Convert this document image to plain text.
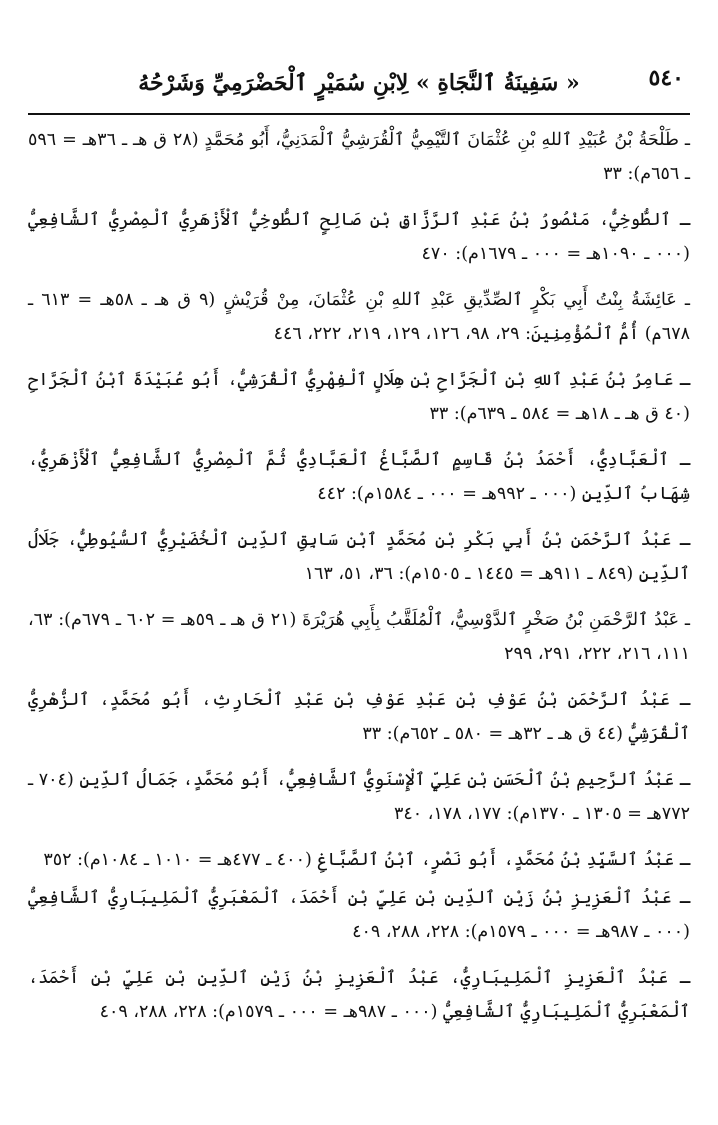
٥٤٠
« سَفِينَةُ ٱلنَّجَاةِ » لِابْنِ سُمَيْرٍ ٱلْحَضْرَمِيِّ وَشَرْحُهُ

ـ طَلْحَةُ بْنُ عُبَيْدِ ٱللهِ بْنِ عُثْمَانَ ٱلتَّيْمِيُّ ٱلْقُرَشِيُّ ٱلْمَدَنِيُّ، أَبُو مُحَمَّدٍ (٢٨ ق هـ ـ ٣٦هـ = ٥٩٦ ـ ٦٥٦م): ٣٣

ـ ٱلطُّوخِيُّ، مَنْصُورُ بْنُ عَبْدِ ٱلرَّزَّاقِ بْنِ صَالِحٍ ٱلطُّوخِيُّ ٱلْأَزْهَرِيُّ ٱلْمِصْرِيُّ ٱلشَّافِعِيُّ (٠٠٠ ـ ١٠٩٠هـ = ٠٠٠ ـ ١٦٧٩م): ٤٧٠

ـ عَائِشَةُ بِنْتُ أَبِي بَكْرٍ ٱلصِّدِّيقِ عَبْدِ ٱللهِ بْنِ عُثْمَانَ، مِنْ قُرَيْشٍ (٩ ق هـ ـ ٥٨هـ = ٦١٣ ـ ٦٧٨م) أُمُّ ٱلْمُؤْمِنِينَ: ٢٩، ٩٨، ١٢٦، ١٢٩، ٢١٩، ٢٢٢، ٤٤٦

ـ عَامِرُ بْنُ عَبْدِ ٱللهِ بْنِ ٱلْجَرَّاحِ بْنِ هِلَالٍ ٱلْفِهْرِيُّ ٱلْقُرَشِيُّ، أَبُو عُبَيْدَةَ ٱبْنُ ٱلْجَرَّاحِ (٤٠ ق هـ ـ ١٨هـ = ٥٨٤ ـ ٦٣٩م): ٣٣

ـ ٱلْعَبَّادِيُّ، أَحْمَدُ بْنُ قَاسِمٍ ٱلصَّبَّاغُ ٱلْعَبَّادِيُّ ثُمَّ ٱلْمِصْرِيُّ ٱلشَّافِعِيُّ ٱلْأَزْهَرِيُّ، شِهَابُ ٱلدِّينِ (٠٠٠ ـ ٩٩٢هـ = ٠٠٠ ـ ١٥٨٤م): ٤٤٢

ـ عَبْدُ ٱلرَّحْمَنِ بْنُ أَبِي بَكْرِ بْنِ مُحَمَّدٍ ٱبْنِ سَابِقِ ٱلدِّينِ ٱلْخُضَيْرِيُّ ٱلسُّيُوطِيُّ، جَلَالُ ٱلدِّينِ (٨٤٩ ـ ٩١١هـ = ١٤٤٥ ـ ١٥٠٥م): ٣٦، ٥١، ١٦٣

ـ عَبْدُ ٱلرَّحْمَنِ بْنُ صَخْرٍ ٱلدَّوْسِيُّ، ٱلْمُلَقَّبُ بِأَبِي هُرَيْرَةَ (٢١ ق هـ ـ ٥٩هـ = ٦٠٢ ـ ٦٧٩م): ٦٣، ١١١، ٢١٦، ٢٢٢، ٢٩١، ٢٩٩

ـ عَبْدُ ٱلرَّحْمَنِ بْنُ عَوْفِ بْنِ عَبْدِ عَوْفِ بْنِ عَبْدِ ٱلْحَارِثِ، أَبُو مُحَمَّدٍ، ٱلزُّهْرِيُّ ٱلْقُرَشِيُّ (٤٤ ق هـ ـ ٣٢هـ = ٥٨٠ ـ ٦٥٢م): ٣٣

ـ عَبْدُ ٱلرَّحِيمِ بْنُ ٱلْحَسَنِ بْنِ عَلِيٍّ ٱلْإِسْنَوِيُّ ٱلشَّافِعِيُّ، أَبُو مُحَمَّدٍ، جَمَالُ ٱلدِّينِ (٧٠٤ ـ ٧٧٢هـ = ١٣٠٥ ـ ١٣٧٠م): ١٧٧، ١٧٨، ٣٤٠

ـ عَبْدُ ٱلسَّيِّدِ بْنُ مُحَمَّدٍ، أَبُو نَصْرٍ، ٱبْنُ ٱلصَّبَّاغِ (٤٠٠ ـ ٤٧٧هـ = ١٠١٠ ـ ١٠٨٤م): ٣٥٢

ـ عَبْدُ ٱلْعَزِيزِ بْنُ زَيْنِ ٱلدِّينِ بْنِ عَلِيِّ بْنِ أَحْمَدَ، ٱلْمَعْبَرِيُّ ٱلْمَلِيبَارِيُّ ٱلشَّافِعِيُّ (٠٠٠ ـ ٩٨٧هـ = ٠٠٠ ـ ١٥٧٩م): ٢٢٨، ٢٨٨، ٤٠٩

ـ عَبْدُ ٱلْعَزِيزِ ٱلْمَلِيبَارِيُّ، عَبْدُ ٱلْعَزِيزِ بْنُ زَيْنِ ٱلدِّينِ بْنِ عَلِيِّ بْنِ أَحْمَدَ، ٱلْمَعْبَرِيُّ ٱلْمَلِيبَارِيُّ ٱلشَّافِعِيُّ (٠٠٠ ـ ٩٨٧هـ = ٠٠٠ ـ ١٥٧٩م): ٢٢٨، ٢٨٨، ٤٠٩
